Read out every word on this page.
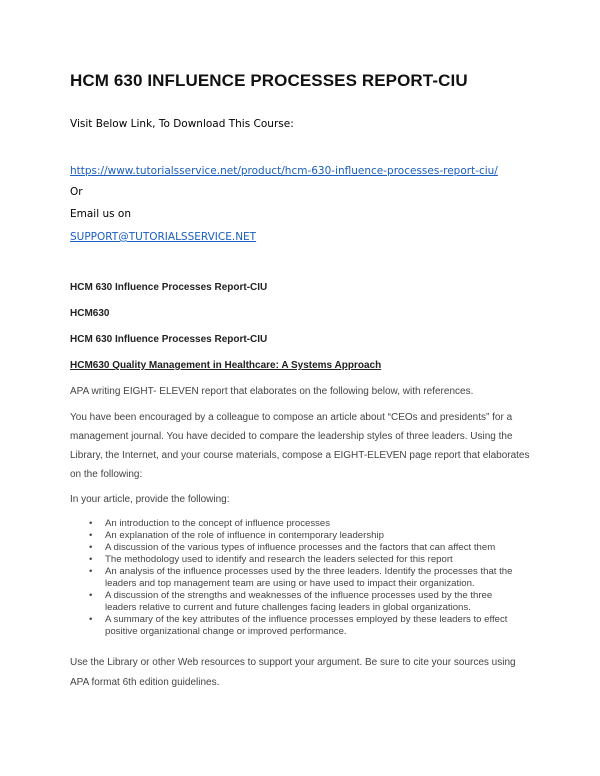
HCM 630 INFLUENCE PROCESSES REPORT-CIU
Visit Below Link, To Download This Course:
https://www.tutorialsservice.net/product/hcm-630-influence-processes-report-ciu/
Or
Email us on
SUPPORT@TUTORIALSSERVICE.NET
HCM 630 Influence Processes Report-CIU
HCM630
HCM 630 Influence Processes Report-CIU
HCM630 Quality Management in Healthcare: A Systems Approach
APA writing EIGHT- ELEVEN report that elaborates on the following below, with references.
You have been encouraged by a colleague to compose an article about “CEOs and presidents” for a
management journal. You have decided to compare the leadership styles of three leaders. Using the
Library, the Internet, and your course materials, compose a EIGHT-ELEVEN page report that elaborates
on the following:
In your article, provide the following:
• An introduction to the concept of influence processes
• An explanation of the role of influence in contemporary leadership
• A discussion of the various types of influence processes and the factors that can affect them
• The methodology used to identify and research the leaders selected for this report
• An analysis of the influence processes used by the three leaders. Identify the processes that the
leaders and top management team are using or have used to impact their organization.
• A discussion of the strengths and weaknesses of the influence processes used by the three
leaders relative to current and future challenges facing leaders in global organizations.
• A summary of the key attributes of the influence processes employed by these leaders to effect
positive organizational change or improved performance.
Use the Library or other Web resources to support your argument. Be sure to cite your sources using
APA format 6th edition guidelines.
